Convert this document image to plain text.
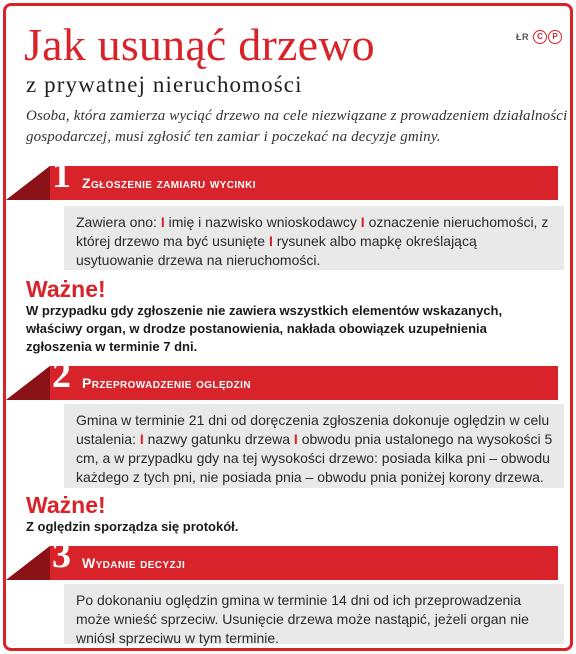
Jak usunąć drzewo
z prywatnej nieruchomości
ŁR	C	P

Osoba, która zamierza wyciąć drzewo na cele niezwiązane z prowadzeniem działalności gospodarczej, musi zgłosić ten zamiar i poczekać na decyzje gminy.

1 Zgłoszenie zamiaru wycinki
Zawiera ono: I imię i nazwisko wnioskodawcy I oznaczenie nieruchomości, z której drzewo ma być usunięte I rysunek albo mapkę określającą usytuowanie drzewa na nieruchomości.
Ważne!
W przypadku gdy zgłoszenie nie zawiera wszystkich elementów wskazanych, właściwy organ, w drodze postanowienia, nakłada obowiązek uzupełnienia zgłoszenia w terminie 7 dni.
2 Przeprowadzenie oględzin
Gmina w terminie 21 dni od doręczenia zgłoszenia dokonuje oględzin w celu ustalenia: I nazwy gatunku drzewa I obwodu pnia ustalonego na wysokości 5 cm, a w przypadku gdy na tej wysokości drzewo: posiada kilka pni – obwodu każdego z tych pni, nie posiada pnia – obwodu pnia poniżej korony drzewa.
Ważne!
Z oględzin sporządza się protokół.
3 Wydanie decyzji
Po dokonaniu oględzin gmina w terminie 14 dni od ich przeprowadzenia może wnieść sprzeciw. Usunięcie drzewa może nastąpić, jeżeli organ nie wniósł sprzeciwu w tym terminie.
